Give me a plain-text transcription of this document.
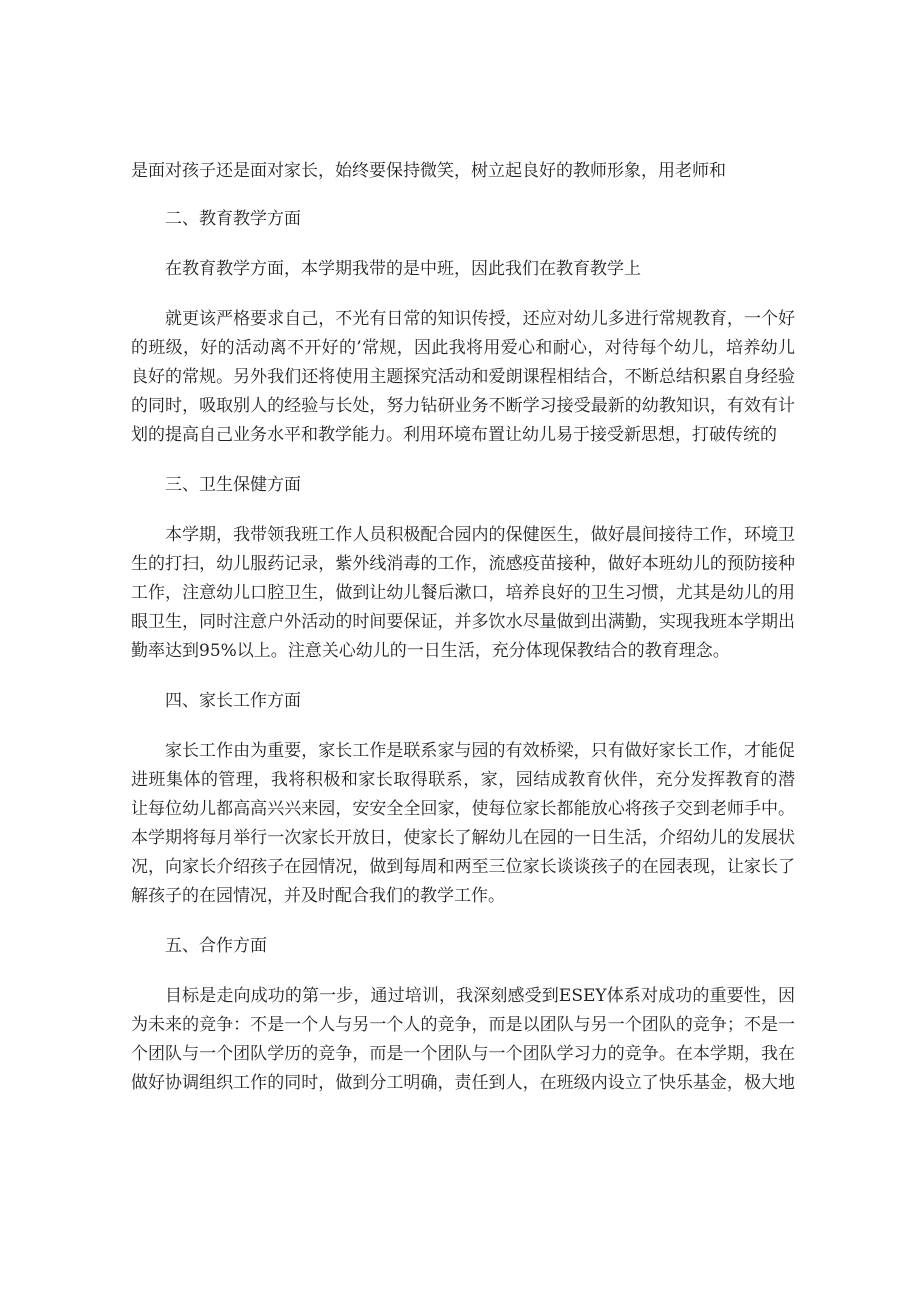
是面对孩子还是面对家长，始终要保持微笑，树立起良好的教师形象，用老师和
二、教育教学方面
在教育教学方面，本学期我带的是中班，因此我们在教育教学上
就更该严格要求自己，不光有日常的知识传授，还应对幼儿多进行常规教育，一个好
的班级，好的活动离不开好的’常规，因此我将用爱心和耐心，对待每个幼儿，培养幼儿
良好的常规。另外我们还将使用主题探究活动和爱朗课程相结合，不断总结积累自身经验
的同时，吸取别人的经验与长处，努力钻研业务不断学习接受最新的幼教知识，有效有计
划的提高自己业务水平和教学能力。利用环境布置让幼儿易于接受新思想，打破传统的
三、卫生保健方面
本学期，我带领我班工作人员积极配合园内的保健医生，做好晨间接待工作，环境卫
生的打扫，幼儿服药记录，紫外线消毒的工作，流感疫苗接种，做好本班幼儿的预防接种
工作，注意幼儿口腔卫生，做到让幼儿餐后漱口，培养良好的卫生习惯，尤其是幼儿的用
眼卫生，同时注意户外活动的时间要保证，并多饮水尽量做到出满勤，实现我班本学期出
勤率达到95%以上。注意关心幼儿的一日生活，充分体现保教结合的教育理念。
四、家长工作方面
家长工作由为重要，家长工作是联系家与园的有效桥梁，只有做好家长工作，才能促
进班集体的管理，我将积极和家长取得联系，家，园结成教育伙伴，充分发挥教育的潜
让每位幼儿都高高兴兴来园，安安全全回家，使每位家长都能放心将孩子交到老师手中。
本学期将每月举行一次家长开放日，使家长了解幼儿在园的一日生活，介绍幼儿的发展状
况，向家长介绍孩子在园情况，做到每周和两至三位家长谈谈孩子的在园表现，让家长了
解孩子的在园情况，并及时配合我们的教学工作。
五、合作方面
目标是走向成功的第一步，通过培训，我深刻感受到ESEY体系对成功的重要性，因
为未来的竞争：不是一个人与另一个人的竞争，而是以团队与另一个团队的竞争；不是一
个团队与一个团队学历的竞争，而是一个团队与一个团队学习力的竞争。在本学期，我在
做好协调组织工作的同时，做到分工明确，责任到人，在班级内设立了快乐基金，极大地
